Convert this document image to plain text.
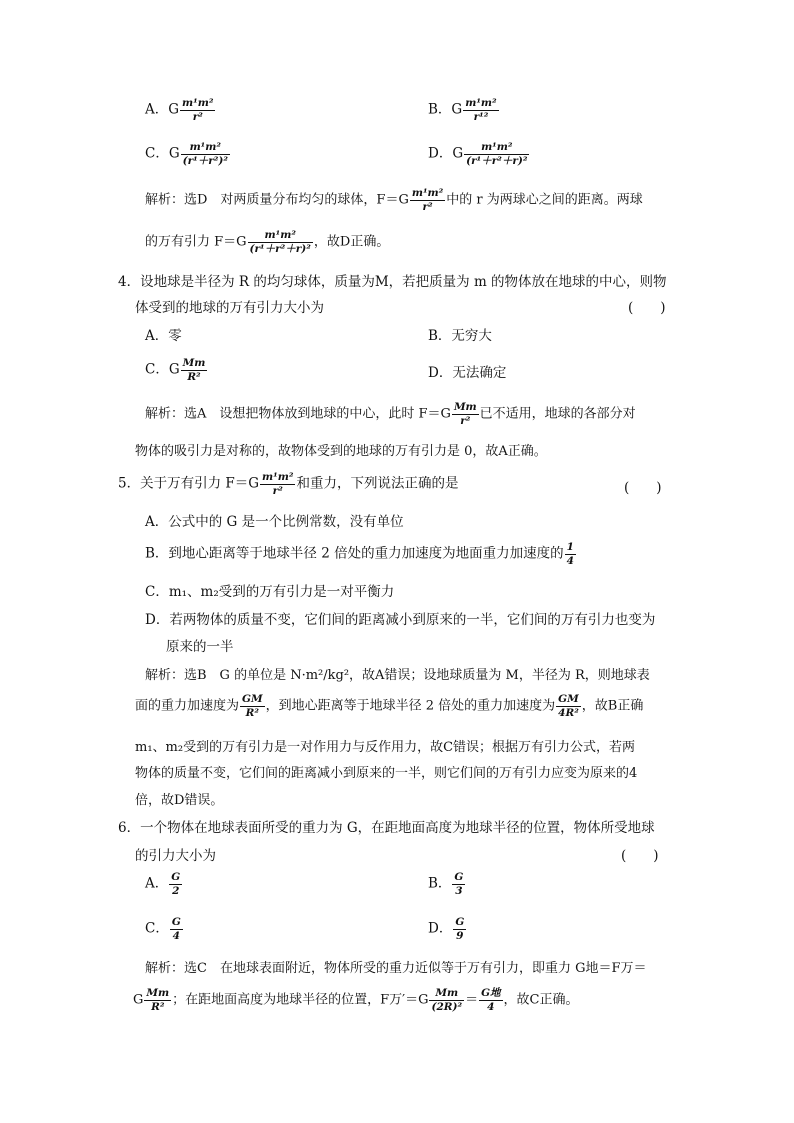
A．G $\frac{\text{m¹m²}}{\text{r²}}$	B．G $\frac{\text{m¹m²}}{\text{r¹²}}$
C．G $\frac{\text{m¹m²}}{\text{(r¹＋r²)²}}$	D．G $\frac{\text{m¹m²}}{\text{(r¹＋r²＋r)²}}$
解析：选D　对两质量分布均匀的球体，$F=G \frac{\text{m¹m²}}{\text{r²}}$ 中的 r 为两球心之间的距离。两球
的万有引力 $F=G \frac{\text{m¹m²}}{\text{(r¹＋r²＋r)²}}$ ，故D正确。
4．设地球是半径为 R 的均匀球体，质量为M，若把质量为 m 的物体放在地球的中心，则物
体受到的地球的万有引力大小为	(　　)
A．零	B．无穷大
C．G $\frac{Mm}{\text{R²}}$	D．无法确定
解析：选A　设想把物体放到地球的中心，此时 $F=G \frac{Mm}{\text{r²}}$ 已不适用，地球的各部分对
物体的吸引力是对称的，故物体受到的地球的万有引力是 0，故A正确。
5．关于万有引力 $F=G \frac{\text{m¹m²}}{\text{r²}}$ 和重力，下列说法正确的是	(　　)
A．公式中的 G 是一个比例常数，没有单位
B．到地心距离等于地球半径 2 倍处的重力加速度为地面重力加速度的 $\frac{1}{4}$
C．m₁、m₂受到的万有引力是一对平衡力
D．若两物体的质量不变，它们间的距离减小到原来的一半，它们间的万有引力也变为
原来的一半
解析：选B　G 的单位是 N·m²/kg²，故A错误；设地球质量为 M，半径为 R，则地球表
面的重力加速度为 $\frac{GM}{\text{R²}}$ ，到地心距离等于地球半径 2 倍处的重力加速度为 $\frac{GM}{\text{4R²}}$ ，故B正确
m₁、m₂受到的万有引力是一对作用力与反作用力，故C错误；根据万有引力公式，若两
物体的质量不变，它们间的距离减小到原来的一半，则它们间的万有引力应变为原来的4
倍，故D错误。
6．一个物体在地球表面所受的重力为 G，在距地面高度为地球半径的位置，物体所受地球
的引力大小为	(　　)
A． $\frac{G}{2}$	B． $\frac{G}{3}$
C． $\frac{G}{4}$	D． $\frac{G}{9}$
解析：选C　在地球表面附近，物体所受的重力近似等于万有引力，即重力 G地＝F万＝
G $\frac{Mm}{\text{R²}}$ ；在距地面高度为地球半径的位置，F万$'=G \frac{Mm}{\text{(2R)²}} = \frac{\text{G地}}{4}$ ，故C正确。
